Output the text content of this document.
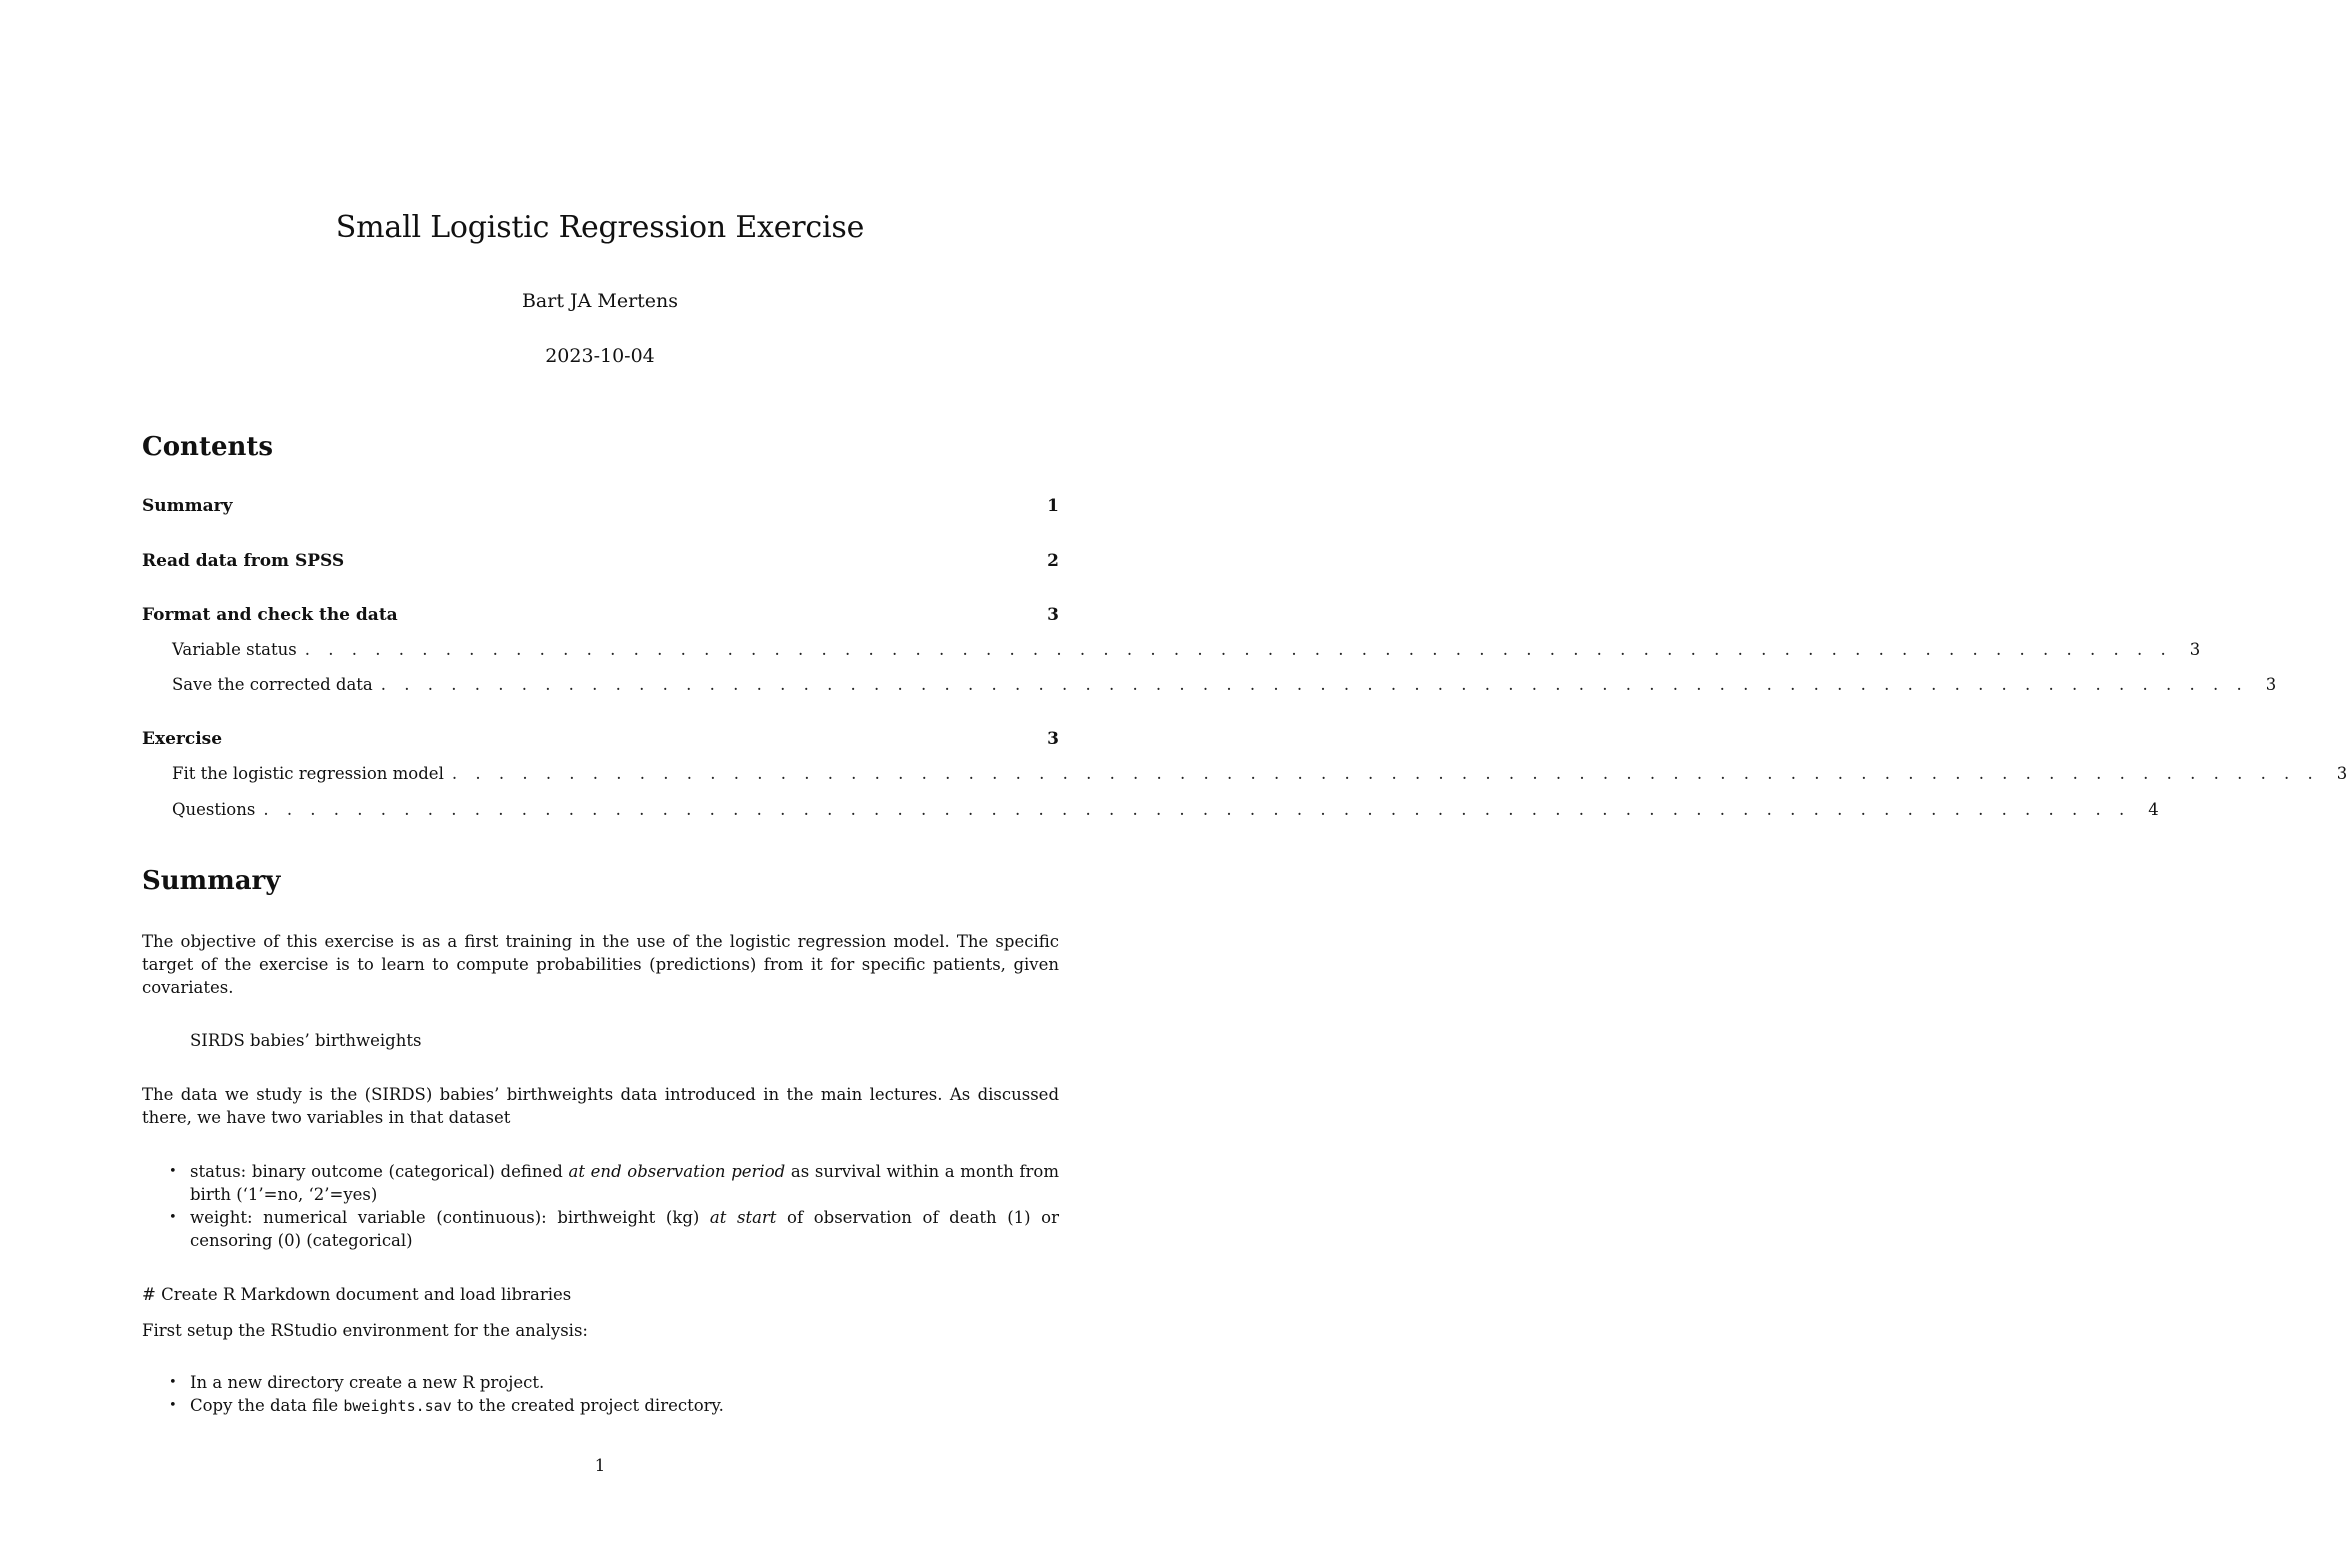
Small Logistic Regression Exercise
Bart JA Mertens
2023-10-04
Contents
Summary	1
Read data from SPSS	2
Format and check the data	3
Variable status . . . . . . . . . . . . . . . . . . . . . . . . . . . . . . . . . . . . . . . . . . . . . . . . . . . . . . . . . . . . . . . . . . . . . . . . . . . . . . . .	3
Save the corrected data . . . . . . . . . . . . . . . . . . . . . . . . . . . . . . . . . . . . . . . . . . . . . . . . . . . . . . . . . . . . . . . . . . . . . . . . . . . . . . . .	3
Exercise	3
Fit the logistic regression model . . . . . . . . . . . . . . . . . . . . . . . . . . . . . . . . . . . . . . . . . . . . . . . . . . . . . . . . . . . . . . . . . . . . . . . . . . . . . . . .	3
Questions . . . . . . . . . . . . . . . . . . . . . . . . . . . . . . . . . . . . . . . . . . . . . . . . . . . . . . . . . . . . . . . . . . . . . . . . . . . . . . . .	4
Summary

The objective of this exercise is as a first training in the use of the logistic regression model. The specific target of the exercise is to learn to compute probabilities (predictions) from it for specific patients, given covariates.

SIRDS babies’ birthweights

The data we study is the (SIRDS) babies’ birthweights data introduced in the main lectures. As discussed there, we have two variables in that dataset

• status: binary outcome (categorical) defined at end observation period as survival within a month from birth (‘1’=no, ‘2’=yes)
• weight: numerical variable (continuous): birthweight (kg) at start of observation of death (1) or censoring (0) (categorical)

# Create R Markdown document and load libraries

First setup the RStudio environment for the analysis:

• In a new directory create a new R project.
• Copy the data file bweights.sav to the created project directory.
1
